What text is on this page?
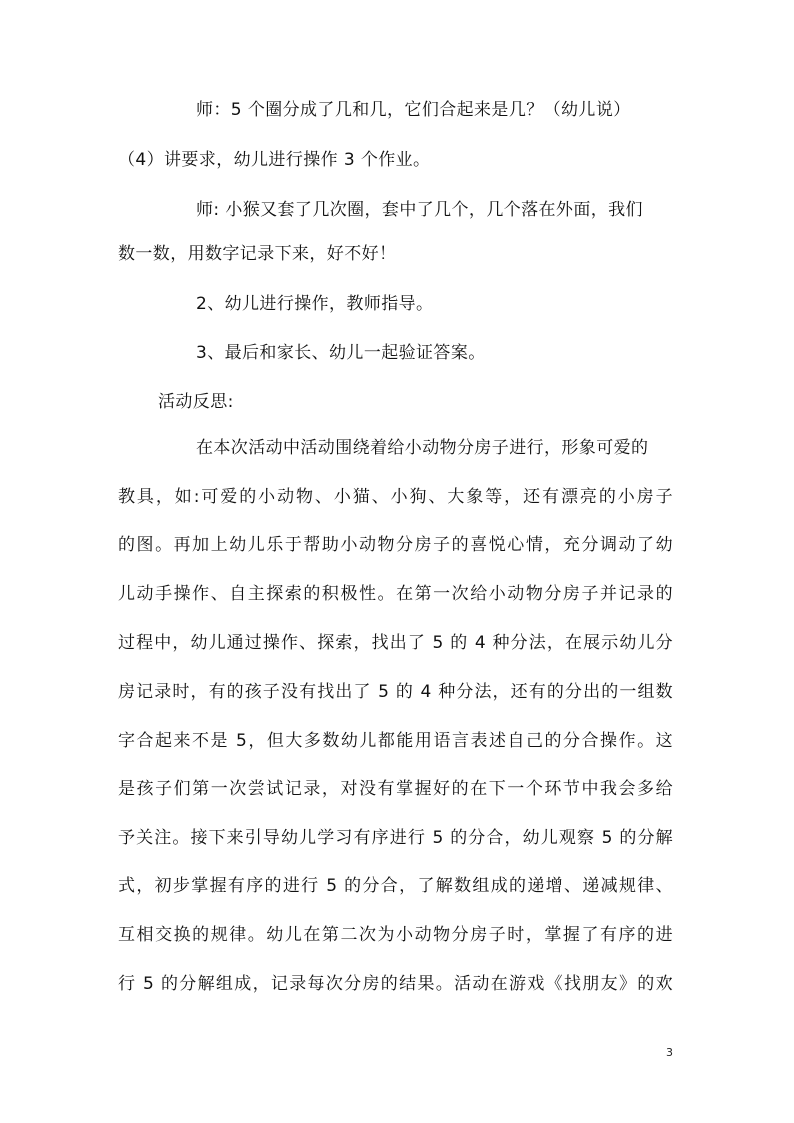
师：5 个圈分成了几和几，它们合起来是几？（幼儿说）
（4）讲要求，幼儿进行操作 3 个作业。
师: 小猴又套了几次圈，套中了几个，几个落在外面，我们
数一数，用数字记录下来，好不好！
2、幼儿进行操作，教师指导。
3、最后和家长、幼儿一起验证答案。
活动反思:
在本次活动中活动围绕着给小动物分房子进行，形象可爱的
教具，如:可爱的小动物、小猫、小狗、大象等，还有漂亮的小房子
的图。再加上幼儿乐于帮助小动物分房子的喜悦心情，充分调动了幼
儿动手操作、自主探索的积极性。在第一次给小动物分房子并记录的
过程中，幼儿通过操作、探索，找出了 5 的 4 种分法，在展示幼儿分
房记录时，有的孩子没有找出了 5 的 4 种分法，还有的分出的一组数
字合起来不是 5，但大多数幼儿都能用语言表述自己的分合操作。这
是孩子们第一次尝试记录，对没有掌握好的在下一个环节中我会多给
予关注。接下来引导幼儿学习有序进行 5 的分合，幼儿观察 5 的分解
式，初步掌握有序的进行 5 的分合，了解数组成的递增、递减规律、
互相交换的规律。幼儿在第二次为小动物分房子时，掌握了有序的进
行 5 的分解组成，记录每次分房的结果。活动在游戏《找朋友》的欢
3
